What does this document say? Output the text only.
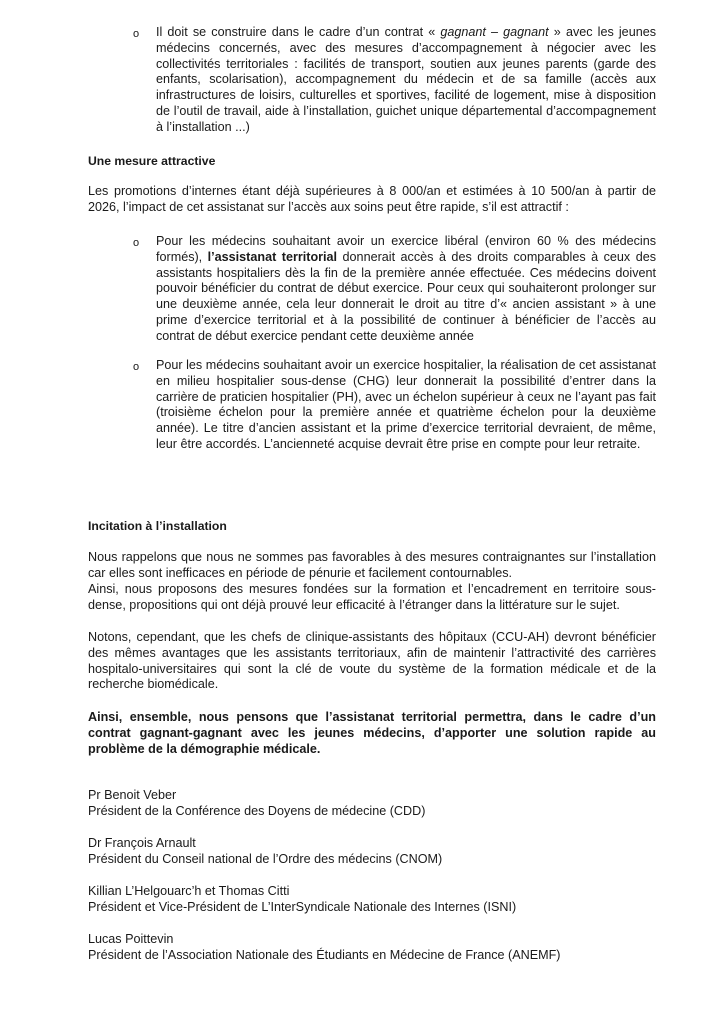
o Il doit se construire dans le cadre d’un contrat « gagnant – gagnant » avec les jeunes médecins concernés, avec des mesures d’accompagnement à négocier avec les collectivités territoriales : facilités de transport, soutien aux jeunes parents (garde des enfants, scolarisation), accompagnement du médecin et de sa famille (accès aux infrastructures de loisirs, culturelles et sportives, facilité de logement, mise à disposition de l’outil de travail, aide à l’installation, guichet unique départemental d’accompagnement à l’installation ...)

Une mesure attractive

Les promotions d’internes étant déjà supérieures à 8 000/an et estimées à 10 500/an à partir de 2026, l’impact de cet assistanat sur l’accès aux soins peut être rapide, s’il est attractif :

o Pour les médecins souhaitant avoir un exercice libéral (environ 60 % des médecins formés), l’assistanat territorial donnerait accès à des droits comparables à ceux des assistants hospitaliers dès la fin de la première année effectuée. Ces médecins doivent pouvoir bénéficier du contrat de début exercice. Pour ceux qui souhaiteront prolonger sur une deuxième année, cela leur donnerait le droit au titre d’« ancien assistant » à une prime d’exercice territorial et à la possibilité de continuer à bénéficier de l’accès au contrat de début exercice pendant cette deuxième année

o Pour les médecins souhaitant avoir un exercice hospitalier, la réalisation de cet assistanat en milieu hospitalier sous-dense (CHG) leur donnerait la possibilité d’entrer dans la carrière de praticien hospitalier (PH), avec un échelon supérieur à ceux ne l’ayant pas fait (troisième échelon pour la première année et quatrième échelon pour la deuxième année). Le titre d’ancien assistant et la prime d’exercice territorial devraient, de même, leur être accordés. L’ancienneté acquise devrait être prise en compte pour leur retraite.

Incitation à l’installation

Nous rappelons que nous ne sommes pas favorables à des mesures contraignantes sur l’installation car elles sont inefficaces en période de pénurie et facilement contournables.

Ainsi, nous proposons des mesures fondées sur la formation et l’encadrement en territoire sous-dense, propositions qui ont déjà prouvé leur efficacité à l’étranger dans la littérature sur le sujet.

Notons, cependant, que les chefs de clinique-assistants des hôpitaux (CCU-AH) devront bénéficier des mêmes avantages que les assistants territoriaux, afin de maintenir l’attractivité des carrières hospitalo-universitaires qui sont la clé de voute du système de la formation médicale et de la recherche biomédicale.

Ainsi, ensemble, nous pensons que l’assistanat territorial permettra, dans le cadre d’un contrat gagnant-gagnant avec les jeunes médecins, d’apporter une solution rapide au problème de la démographie médicale.

Pr Benoit Veber
Président de la Conférence des Doyens de médecine (CDD)

Dr François Arnault
Président du Conseil national de l’Ordre des médecins (CNOM)

Killian L’Helgouarc’h et Thomas Citti
Président et Vice-Président de L’InterSyndicale Nationale des Internes (ISNI)

Lucas Poittevin
Président de l’Association Nationale des Étudiants en Médecine de France (ANEMF)
